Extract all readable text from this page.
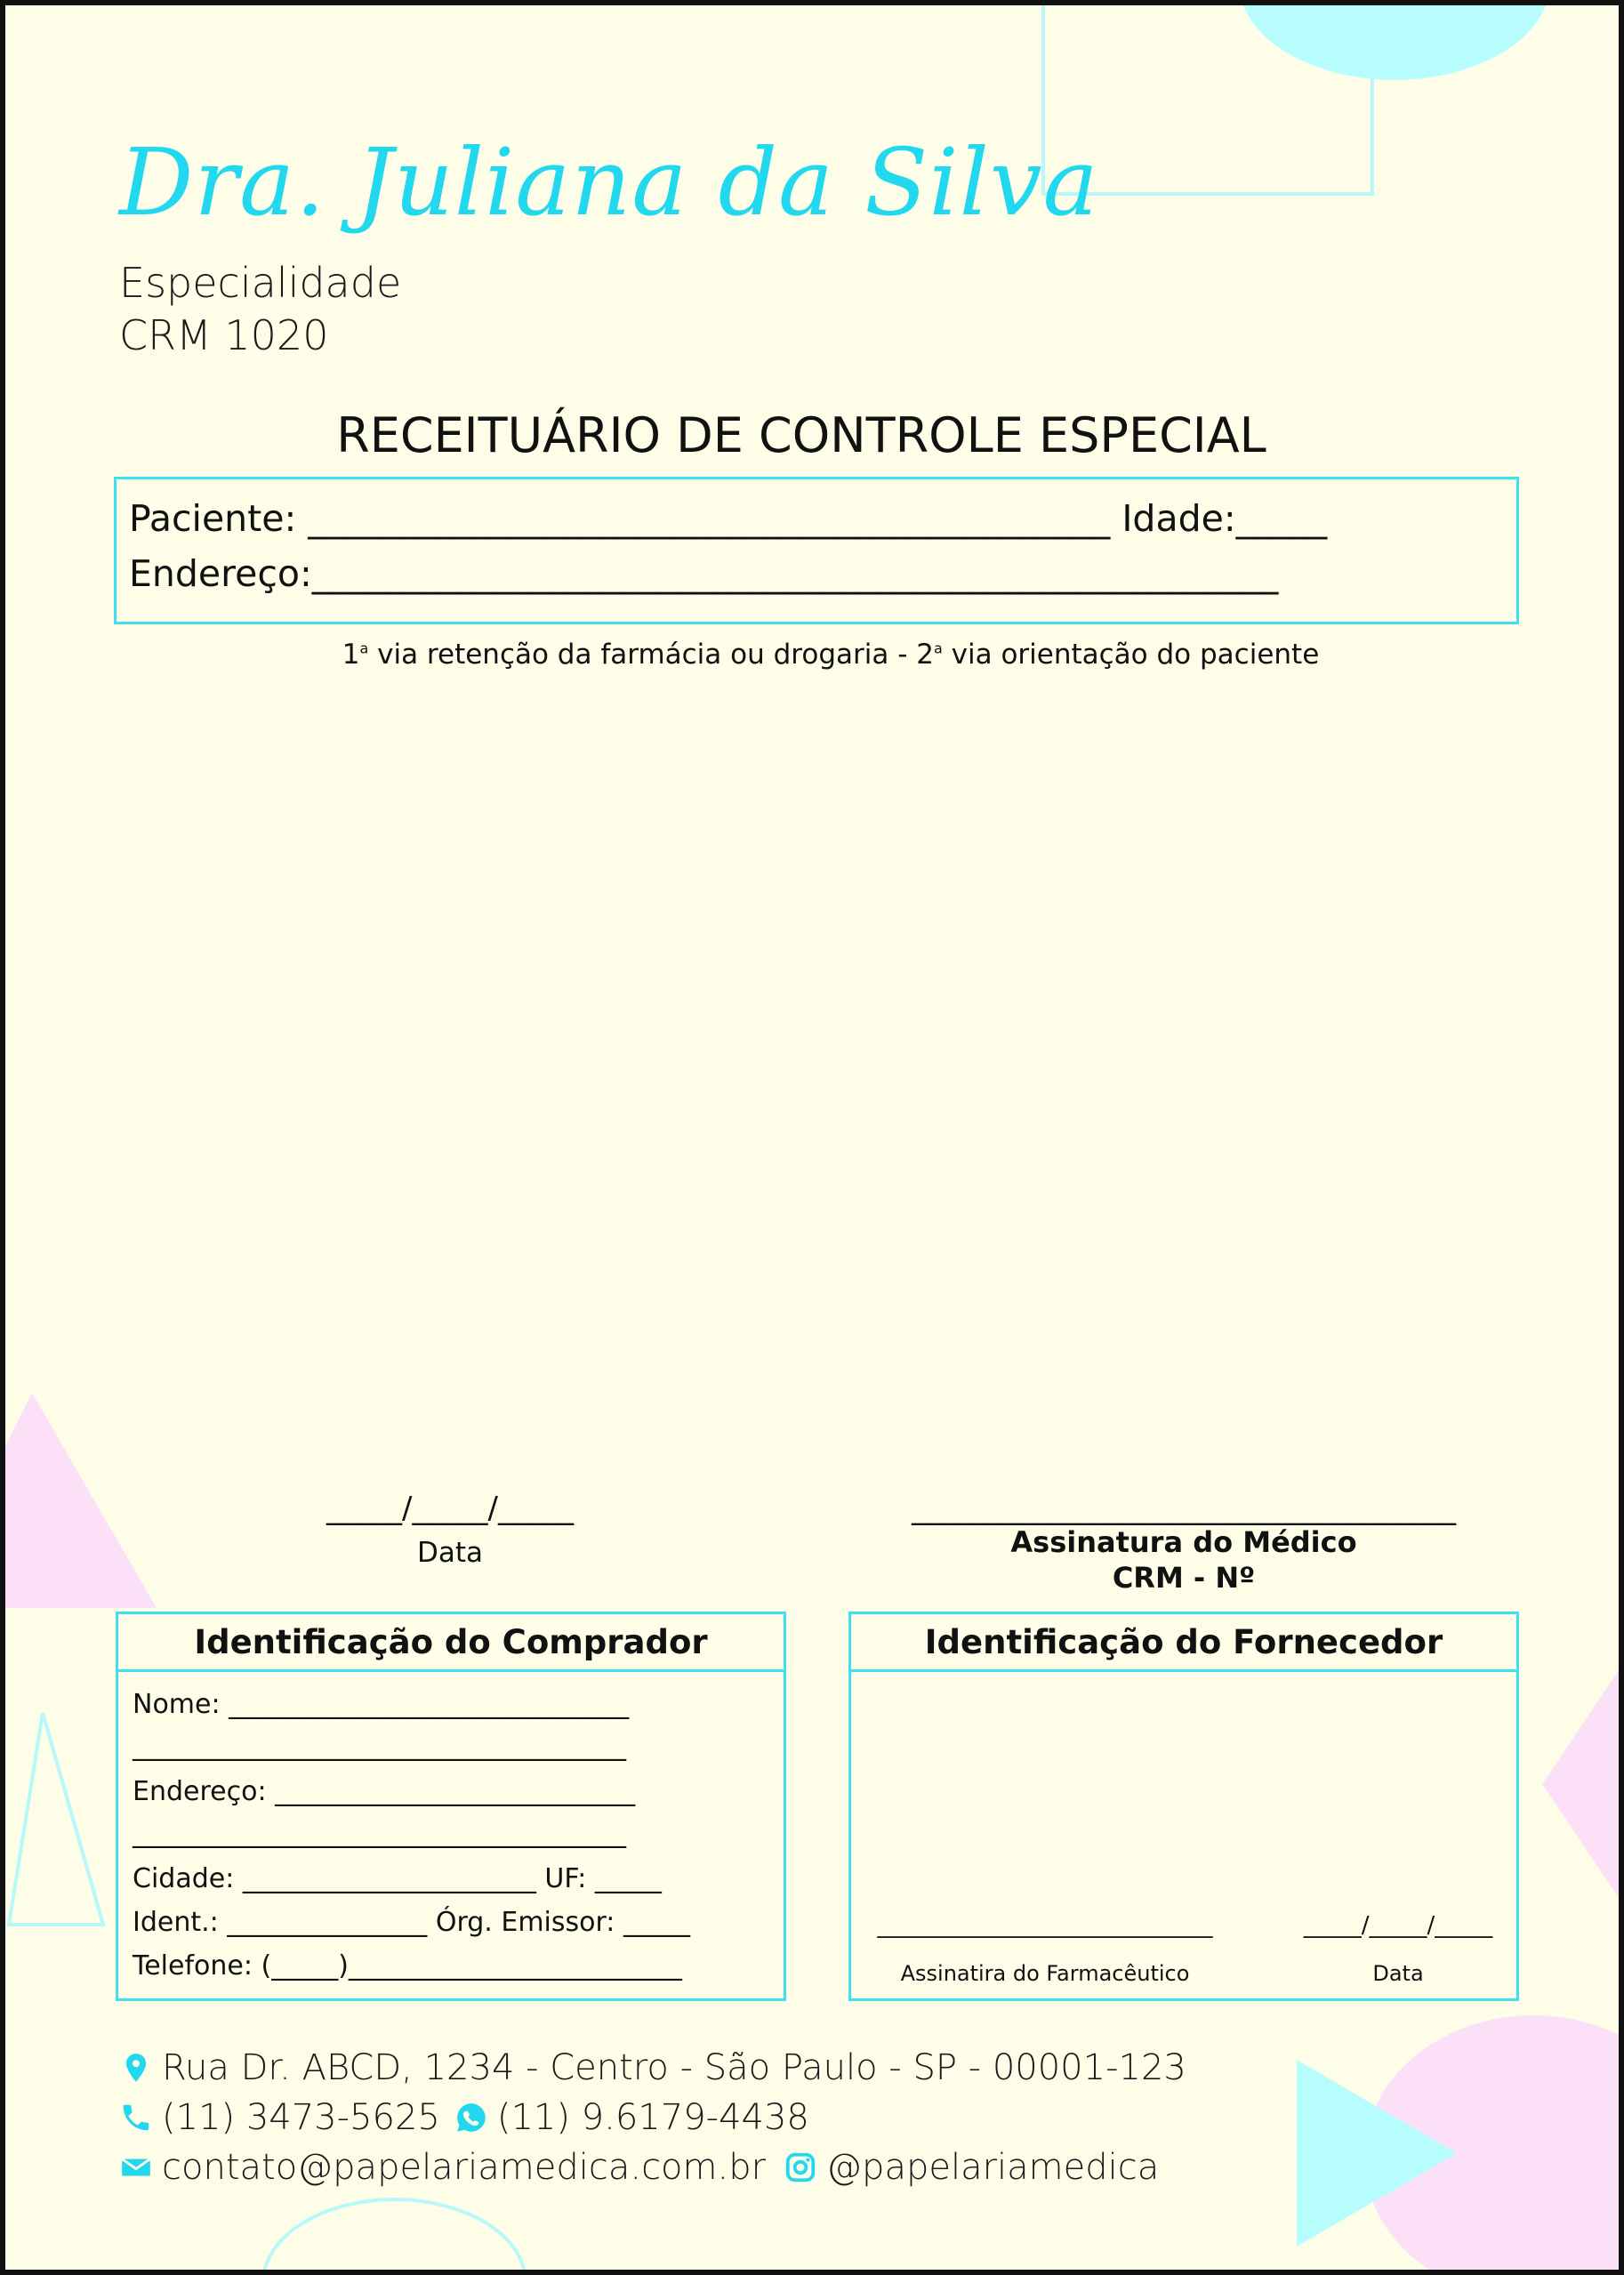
Dra. Juliana da Silva
Especialidade
CRM 1020
RECEITUÁRIO DE CONTROLE ESPECIAL
Paciente: ____________________________________________ Idade:_____
Endereço:_____________________________________________________
1$^a$ via retenção da farmácia ou drogaria - 2$^a$ via orientação do paciente
_____/_____/_____
Data
____________________________________
Assinatura do Médico
CRM - Nº
Identificação do Comprador
Nome: ______________________________
_____________________________________
Endereço: ___________________________
_____________________________________
Cidade: ______________________ UF: _____
Ident.: _______________ Órg. Emissor: _____
Telefone: (_____)_________________________
Identificação do Fornecedor
_____________________________
Assinatira do Farmacêutico
_____/_____/_____
Data
Rua Dr. ABCD, 1234 - Centro - São Paulo - SP - 00001-123
(11) 3473-5625 (11) 9.6179-4438
contato@papelariamedica.com.br @papelariamedica
